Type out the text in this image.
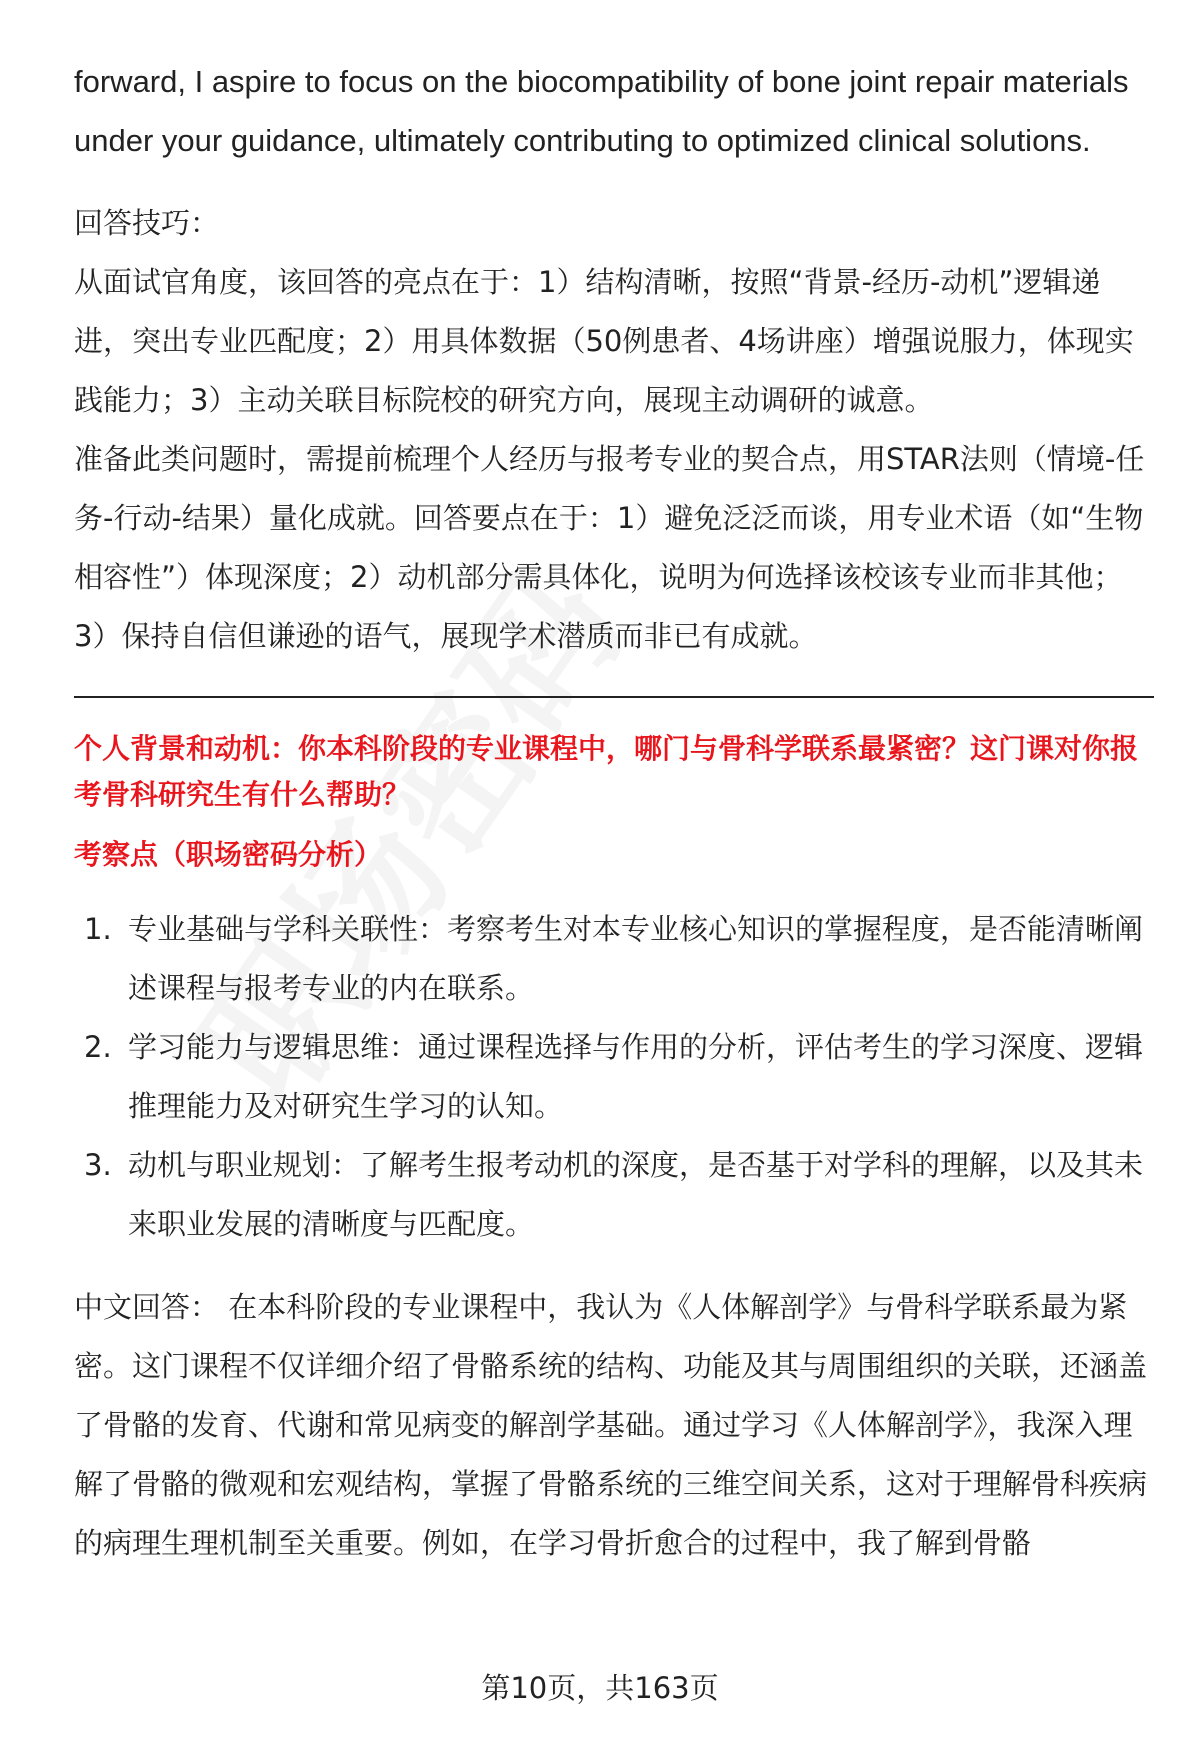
forward, I aspire to focus on the biocompatibility of bone joint repair materials under your guidance, ultimately contributing to optimized clinical solutions.

回答技巧：

从面试官角度，该回答的亮点在于：1）结构清晰，按照“背景-经历-动机”逻辑递进，突出专业匹配度；2）用具体数据（50例患者、4场讲座）增强说服力，体现实践能力；3）主动关联目标院校的研究方向，展现主动调研的诚意。

准备此类问题时，需提前梳理个人经历与报考专业的契合点，用STAR法则（情境-任务-行动-结果）量化成就。回答要点在于：1）避免泛泛而谈，用专业术语（如“生物相容性”）体现深度；2）动机部分需具体化，说明为何选择该校该专业而非其他；3）保持自信但谦逊的语气，展现学术潜质而非已有成就。

个人背景和动机：你本科阶段的专业课程中，哪门与骨科学联系最紧密？这门课对你报考骨科研究生有什么帮助？

考察点（职场密码分析）

1. 专业基础与学科关联性：考察考生对本专业核心知识的掌握程度，是否能清晰阐述课程与报考专业的内在联系。
2. 学习能力与逻辑思维：通过课程选择与作用的分析，评估考生的学习深度、逻辑推理能力及对研究生学习的认知。
3. 动机与职业规划：了解考生报考动机的深度，是否基于对学科的理解，以及其未来职业发展的清晰度与匹配度。

中文回答： 在本科阶段的专业课程中，我认为《人体解剖学》与骨科学联系最为紧密。这门课程不仅详细介绍了骨骼系统的结构、功能及其与周围组织的关联，还涵盖了骨骼的发育、代谢和常见病变的解剖学基础。通过学习《人体解剖学》，我深入理解了骨骼的微观和宏观结构，掌握了骨骼系统的三维空间关系，这对于理解骨科疾病的病理生理机制至关重要。例如，在学习骨折愈合的过程中，我了解到骨骼

第10页，共163页
